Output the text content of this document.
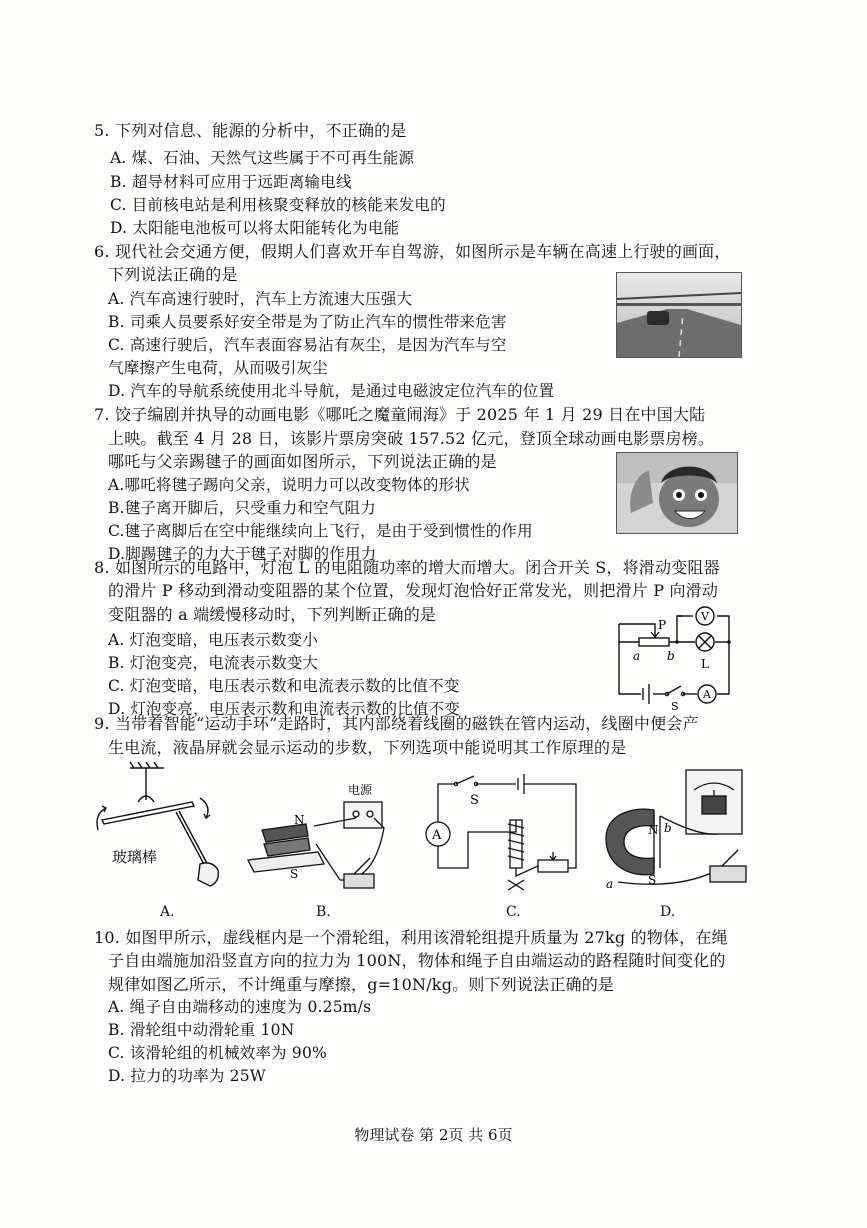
5. 下列对信息、能源的分析中，不正确的是
A. 煤、石油、天然气这些属于不可再生能源
B. 超导材料可应用于远距离输电线
C. 目前核电站是利用核聚变释放的核能来发电的
D. 太阳能电池板可以将太阳能转化为电能
6. 现代社会交通方便，假期人们喜欢开车自驾游，如图所示是车辆在高速上行驶的画面，
下列说法正确的是
A. 汽车高速行驶时，汽车上方流速大压强大
B. 司乘人员要系好安全带是为了防止汽车的惯性带来危害
C. 高速行驶后，汽车表面容易沾有灰尘，是因为汽车与空
气摩擦产生电荷，从而吸引灰尘
D. 汽车的导航系统使用北斗导航，是通过电磁波定位汽车的位置
7. 饺子编剧并执导的动画电影《哪吒之魔童闹海》于 2025 年 1 月 29 日在中国大陆
上映。截至 4 月 28 日，该影片票房突破 157.52 亿元，登顶全球动画电影票房榜。
哪吒与父亲踢毽子的画面如图所示，下列说法正确的是
A.哪吒将毽子踢向父亲，说明力可以改变物体的形状
B.毽子离开脚后，只受重力和空气阻力
C.毽子离脚后在空中能继续向上飞行，是由于受到惯性的作用
D.脚踢毽子的力大于毽子对脚的作用力
8. 如图所示的电路中，灯泡 L 的电阻随功率的增大而增大。闭合开关 S，将滑动变阻器
的滑片 P 移动到滑动变阻器的某个位置，发现灯泡恰好正常发光，则把滑片 P 向滑动
变阻器的 a 端缓慢移动时，下列判断正确的是
A. 灯泡变暗，电压表示数变小
B. 灯泡变亮，电流表示数变大
C. 灯泡变暗，电压表示数和电流表示数的比值不变
D. 灯泡变亮，电压表示数和电流表示数的比值不变
P
a b
V
L
S
A
9. 当带着智能“运动手环”走路时，其内部绕着线圈的磁铁在管内运动，线圈中便会产
生电流，液晶屏就会显示运动的步数，下列选项中能说明其工作原理的是
玻璃棒
A.
电源
N
S
B.
A
S
C.
N b
S
a
D.
10. 如图甲所示，虚线框内是一个滑轮组，利用该滑轮组提升质量为 27kg 的物体，在绳
子自由端施加沿竖直方向的拉力为 100N，物体和绳子自由端运动的路程随时间变化的
规律如图乙所示，不计绳重与摩擦，g=10N/kg。则下列说法正确的是
A. 绳子自由端移动的速度为 0.25m/s
B. 滑轮组中动滑轮重 10N
C. 该滑轮组的机械效率为 90%
D. 拉力的功率为 25W
物理试卷 第 2页 共 6页
